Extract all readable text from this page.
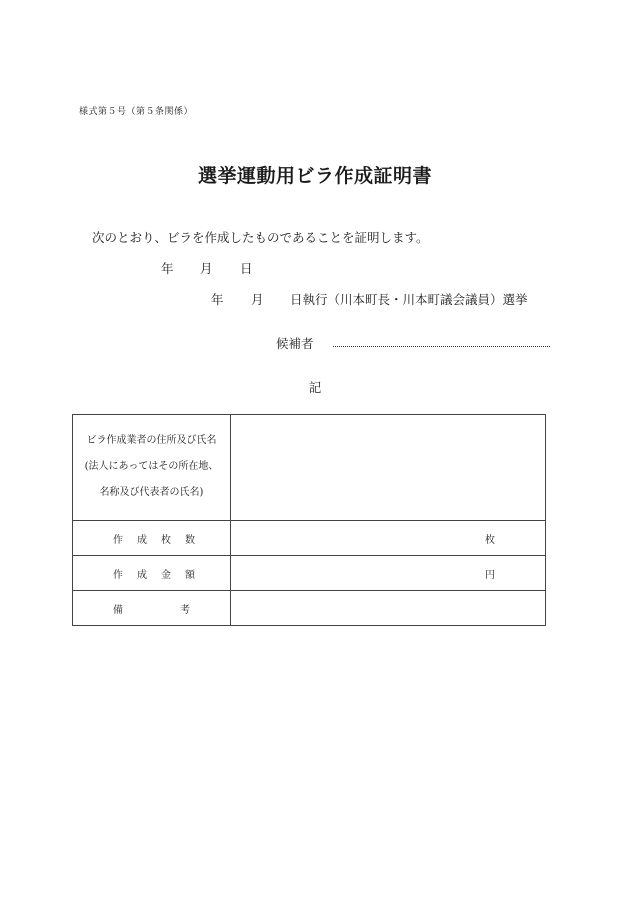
様式第５号（第５条関係）
選挙運動用ビラ作成証明書
次のとおり、ビラを作成したものであることを証明します。
年 月 日
年 月 日執行（川本町長・川本町議会議員）選挙
候補者
記
ビラ作成業者の住所及び氏名
(法人にあってはその所在地、
名称及び代表者の氏名)	

作 成 枚 数	枚

作 成 金 額	円

備 考	
